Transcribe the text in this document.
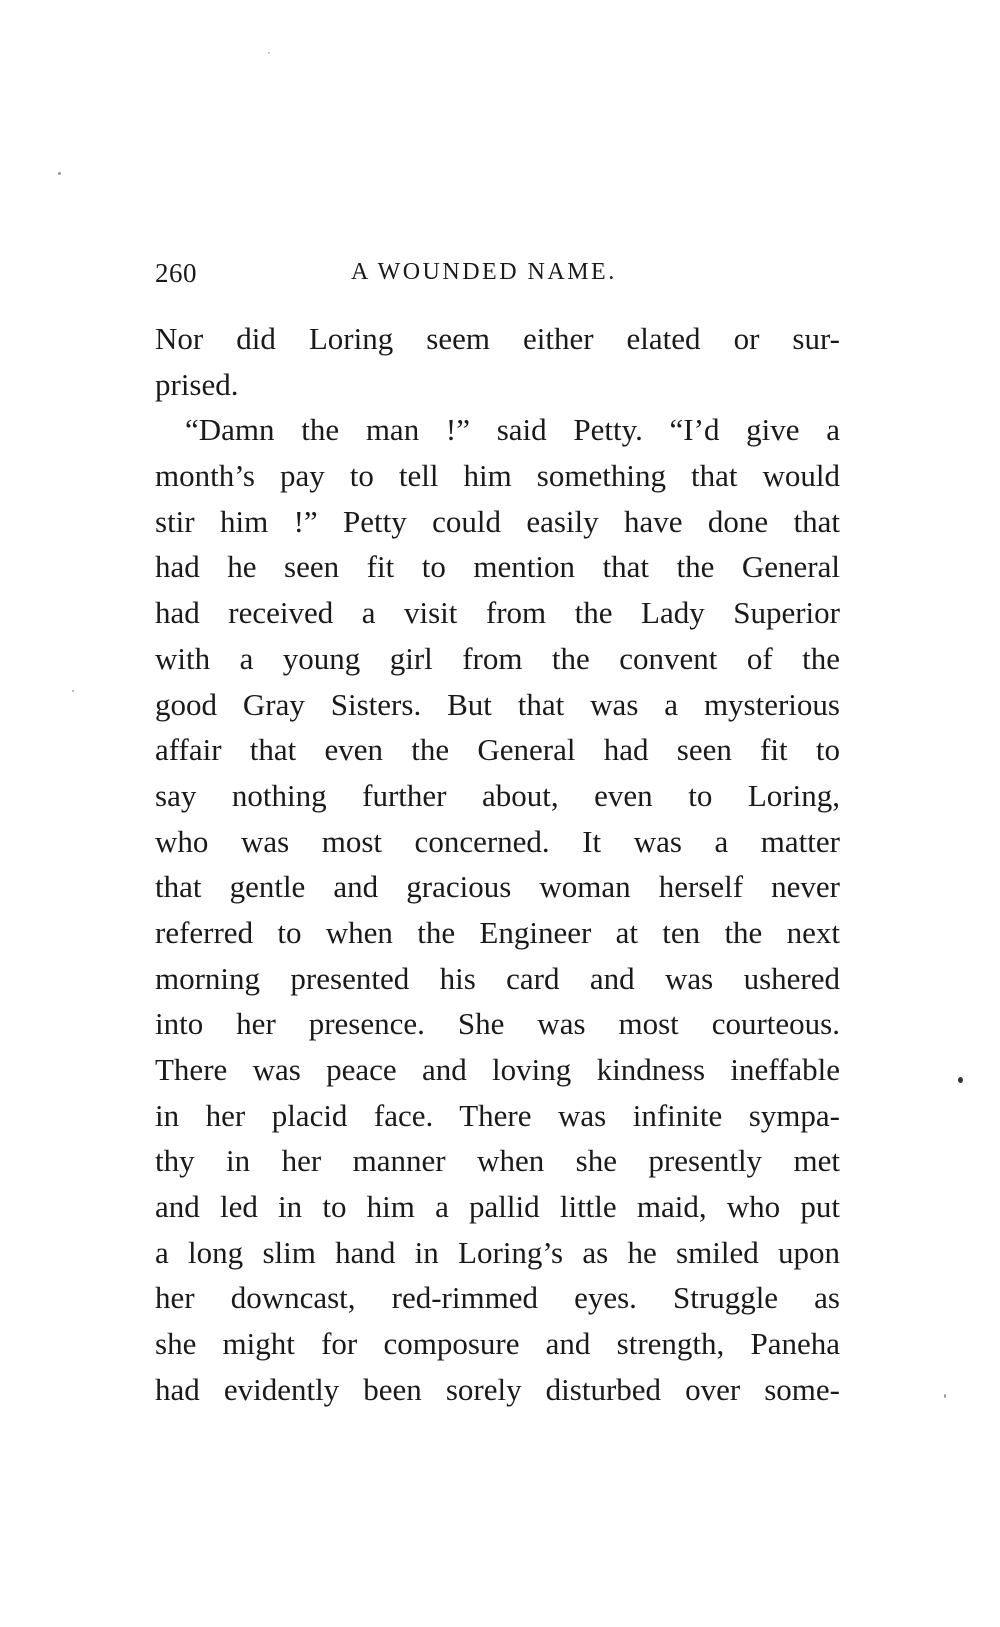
260	A WOUNDED NAME.
Nor did Loring seem either elated or sur-
prised.
“Damn the man !” said Petty. “I’d give a
month’s pay to tell him something that would
stir him !” Petty could easily have done that
had he seen fit to mention that the General
had received a visit from the Lady Superior
with a young girl from the convent of the
good Gray Sisters. But that was a mysterious
affair that even the General had seen fit to
say nothing further about, even to Loring,
who was most concerned. It was a matter
that gentle and gracious woman herself never
referred to when the Engineer at ten the next
morning presented his card and was ushered
into her presence. She was most courteous.
There was peace and loving kindness ineffable
in her placid face. There was infinite sympa-
thy in her manner when she presently met
and led in to him a pallid little maid, who put
a long slim hand in Loring’s as he smiled upon
her downcast, red-rimmed eyes. Struggle as
she might for composure and strength, Paneha
had evidently been sorely disturbed over some-
